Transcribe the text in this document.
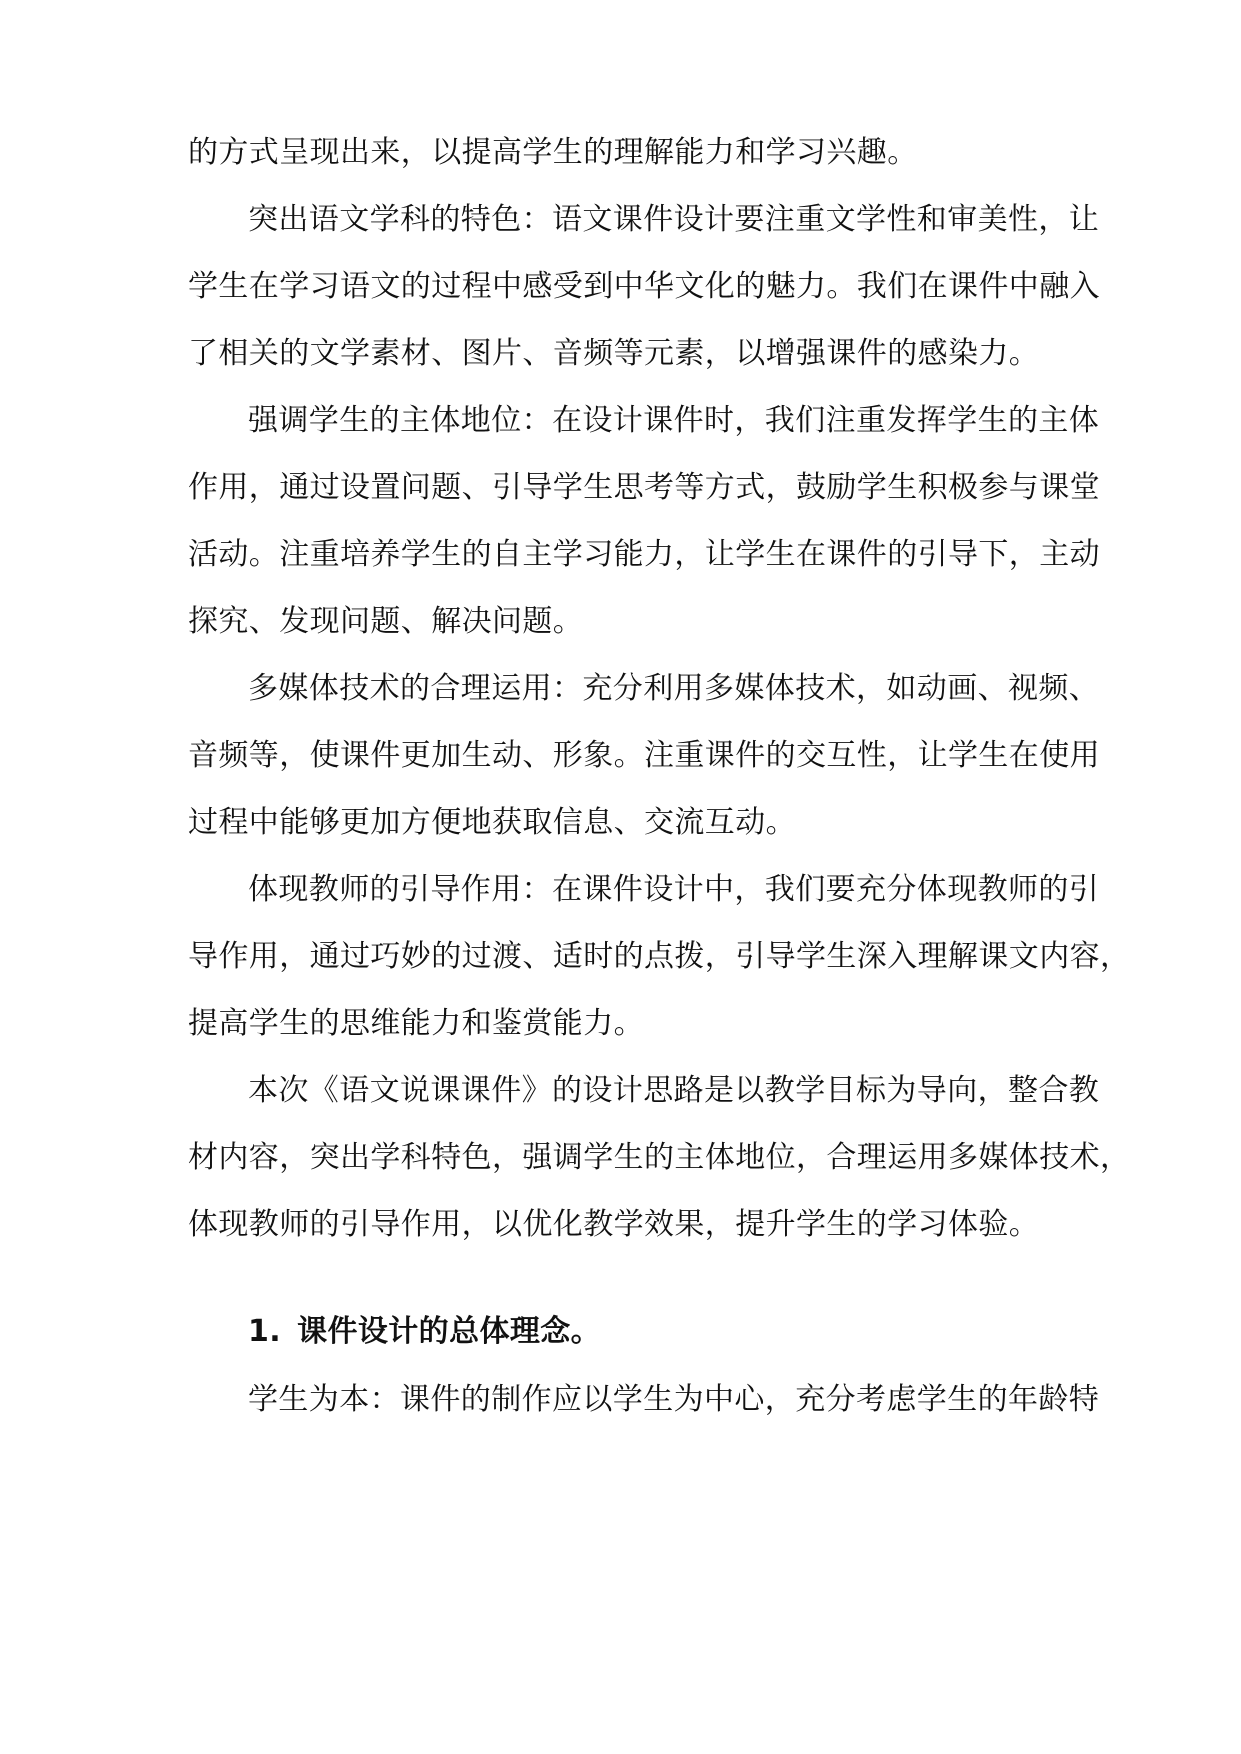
的方式呈现出来，以提高学生的理解能力和学习兴趣。
突出语文学科的特色：语文课件设计要注重文学性和审美性，让
学生在学习语文的过程中感受到中华文化的魅力。我们在课件中融入
了相关的文学素材、图片、音频等元素，以增强课件的感染力。
强调学生的主体地位：在设计课件时，我们注重发挥学生的主体
作用，通过设置问题、引导学生思考等方式，鼓励学生积极参与课堂
活动。注重培养学生的自主学习能力，让学生在课件的引导下，主动
探究、发现问题、解决问题。
多媒体技术的合理运用：充分利用多媒体技术，如动画、视频、
音频等，使课件更加生动、形象。注重课件的交互性，让学生在使用
过程中能够更加方便地获取信息、交流互动。
体现教师的引导作用：在课件设计中，我们要充分体现教师的引
导作用，通过巧妙的过渡、适时的点拨，引导学生深入理解课文内容，
提高学生的思维能力和鉴赏能力。
本次《语文说课课件》的设计思路是以教学目标为导向，整合教
材内容，突出学科特色，强调学生的主体地位，合理运用多媒体技术，
体现教师的引导作用，以优化教学效果，提升学生的学习体验。
1. 课件设计的总体理念。
学生为本：课件的制作应以学生为中心，充分考虑学生的年龄特
